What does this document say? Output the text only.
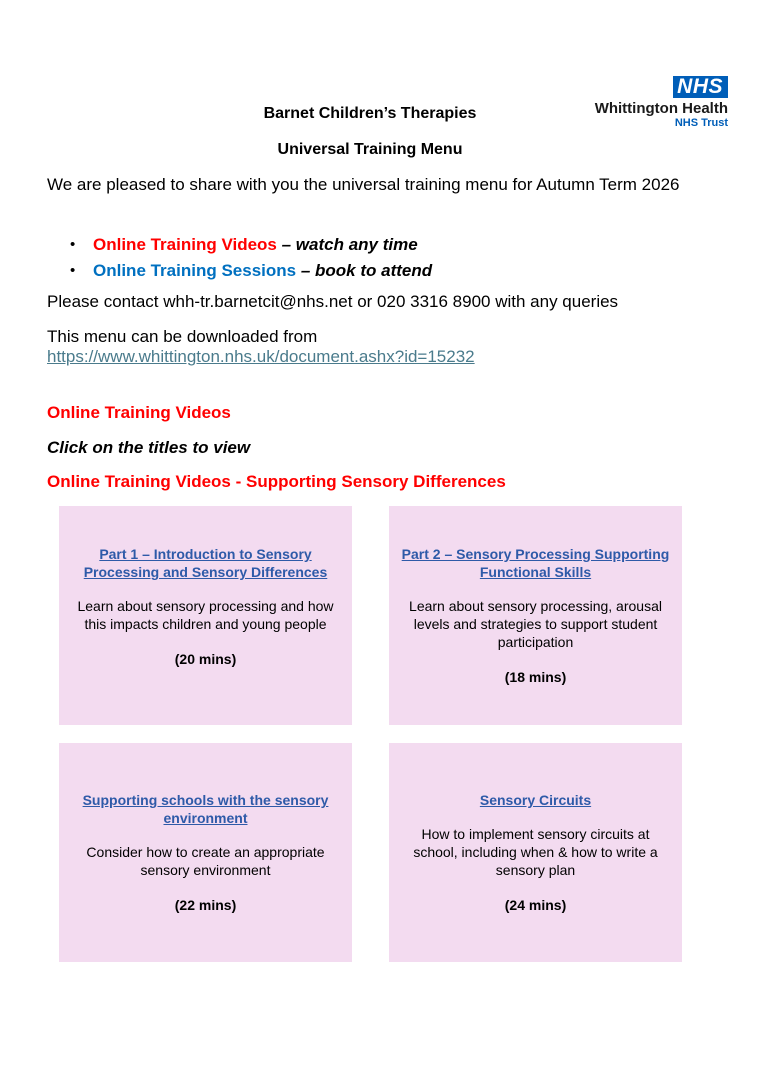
NHS
Whittington Health
NHS Trust
Barnet Children’s Therapies
Universal Training Menu
We are pleased to share with you the universal training menu for Autumn Term 2026
• Online Training Videos – watch any time
• Online Training Sessions – book to attend
Please contact whh-tr.barnetcit@nhs.net or 020 3316 8900 with any queries
This menu can be downloaded from
https://www.whittington.nhs.uk/document.ashx?id=15232
Online Training Videos
Click on the titles to view
Online Training Videos - Supporting Sensory Differences
Part 1 – Introduction to Sensory Processing and Sensory Differences
Learn about sensory processing and how this impacts children and young people
(20 mins)
Part 2 – Sensory Processing Supporting Functional Skills
Learn about sensory processing, arousal levels and strategies to support student participation
(18 mins)
Supporting schools with the sensory environment
Consider how to create an appropriate sensory environment
(22 mins)
Sensory Circuits
How to implement sensory circuits at school, including when & how to write a sensory plan
(24 mins)
